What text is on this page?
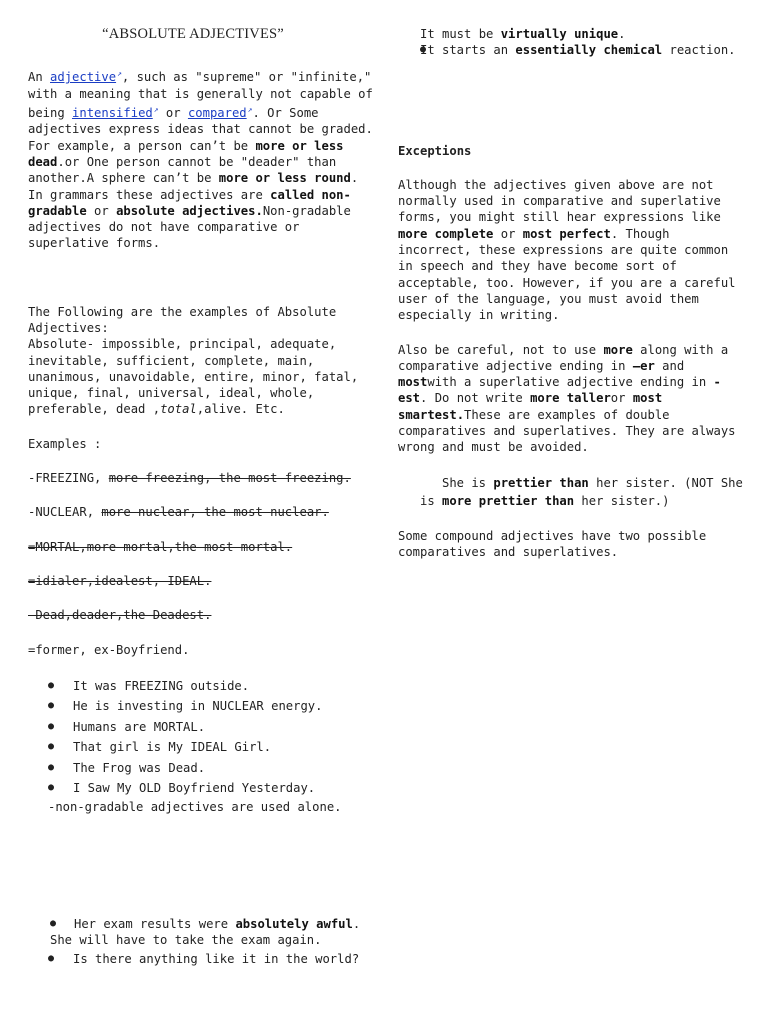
“ABSOLUTE ADJECTIVES”

An adjective↗, such as "supreme" or "infinite," with a meaning that is generally not capable of being intensified↗ or compared↗. Or Some adjectives express ideas that cannot be graded. For example, a person can’t be more or less dead.or One person cannot be "deader" than another.A sphere can’t be more or less round. In grammars these adjectives are called non-gradable or absolute adjectives.Non-gradable adjectives do not have comparative or superlative forms.

The Following are the examples of Absolute Adjectives:
Absolute- impossible, principal, adequate, inevitable, sufficient, complete, main, unanimous, unavoidable, entire, minor, fatal, unique, final, universal, ideal, whole, preferable, dead ,total,alive. Etc.

Examples :

-FREEZING, more freezing, the most freezing.

-NUCLEAR, more nuclear, the most nuclear.

=MORTAL,more mortal,the most mortal.

=idialer,idealest, IDEAL.

-Dead,deader,the Deadest.

=former, ex-Boyfriend.

● It was FREEZING outside.
● He is investing in NUCLEAR energy.
● Humans are MORTAL.
● That girl is My IDEAL Girl.
● The Frog was Dead.
● I Saw My OLD Boyfriend Yesterday.

-non-gradable adjectives are used alone.

● Her exam results were absolutely awful. She will have to take the exam again.
● Is there anything like it in the world?
It must be virtually unique.
● It starts an essentially chemical reaction.

Exceptions

Although the adjectives given above are not normally used in comparative and superlative forms, you might still hear expressions like more complete or most perfect. Though incorrect, these expressions are quite common in speech and they have become sort of acceptable, too. However, if you are a careful user of the language, you must avoid them especially in writing.

Also be careful, not to use more along with a comparative adjective ending in —er and mostwith a superlative adjective ending in -est. Do not write more talleror most smartest.These are examples of double comparatives and superlatives. They are always wrong and must be avoided.

She is prettier than her sister. (NOT She is more prettier than her sister.)

Some compound adjectives have two possible comparatives and superlatives.
